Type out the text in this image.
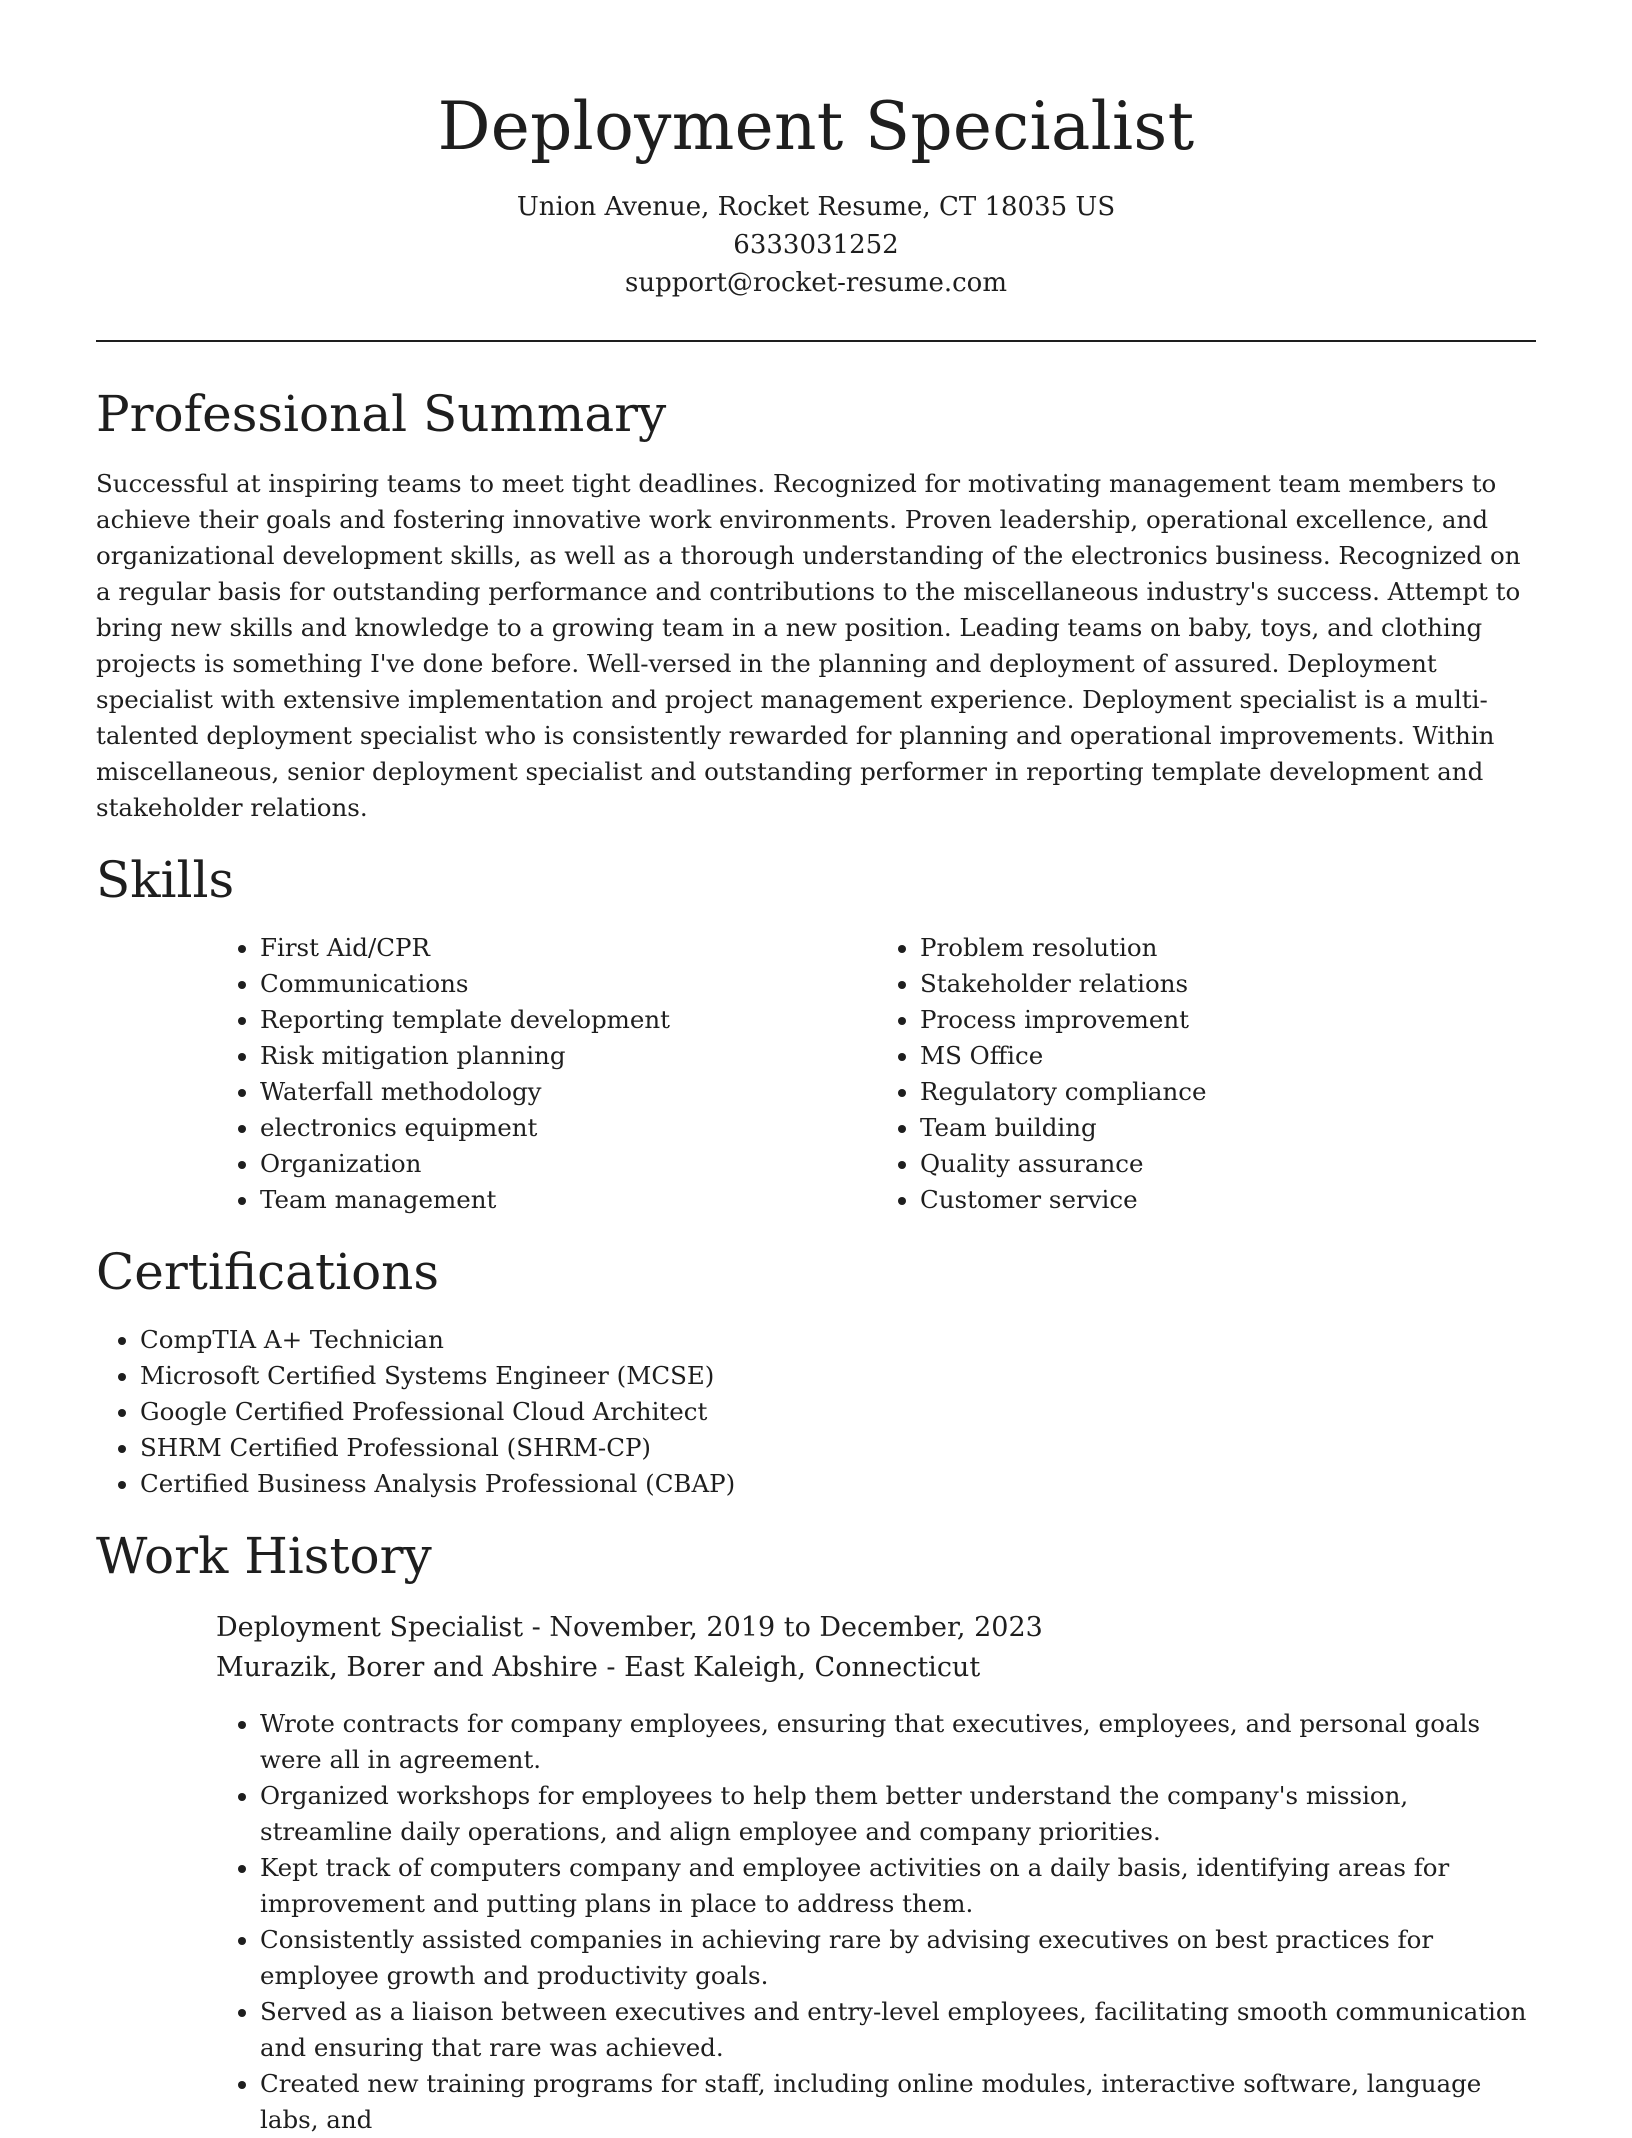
Deployment Specialist
Union Avenue, Rocket Resume, CT 18035 US
6333031252
support@rocket-resume.com
Professional Summary

Successful at inspiring teams to meet tight deadlines. Recognized for motivating management team members to achieve their goals and fostering innovative work environments. Proven leadership, operational excellence, and organizational development skills, as well as a thorough understanding of the electronics business. Recognized on a regular basis for outstanding performance and contributions to the miscellaneous industry's success. Attempt to bring new skills and knowledge to a growing team in a new position. Leading teams on baby, toys, and clothing projects is something I've done before. Well-versed in the planning and deployment of assured. Deployment specialist with extensive implementation and project management experience. Deployment specialist is a multi-talented deployment specialist who is consistently rewarded for planning and operational improvements. Within miscellaneous, senior deployment specialist and outstanding performer in reporting template development and stakeholder relations.

Skills
• First Aid/CPR
• Communications
• Reporting template development
• Risk mitigation planning
• Waterfall methodology
• electronics equipment
• Organization
• Team management
• Problem resolution
• Stakeholder relations
• Process improvement
• MS Office
• Regulatory compliance
• Team building
• Quality assurance
• Customer service
Certifications
• CompTIA A+ Technician
• Microsoft Certified Systems Engineer (MCSE)
• Google Certified Professional Cloud Architect
• SHRM Certified Professional (SHRM-CP)
• Certified Business Analysis Professional (CBAP)
Work History

Deployment Specialist - November, 2019 to December, 2023

Murazik, Borer and Abshire - East Kaleigh, Connecticut

• Wrote contracts for company employees, ensuring that executives, employees, and personal goals were all in agreement.
• Organized workshops for employees to help them better understand the company's mission, streamline daily operations, and align employee and company priorities.
• Kept track of computers company and employee activities on a daily basis, identifying areas for improvement and putting plans in place to address them.
• Consistently assisted companies in achieving rare by advising executives on best practices for employee growth and productivity goals.
• Served as a liaison between executives and entry-level employees, facilitating smooth communication and ensuring that rare was achieved.
• Created new training programs for staff, including online modules, interactive software, language labs, and
